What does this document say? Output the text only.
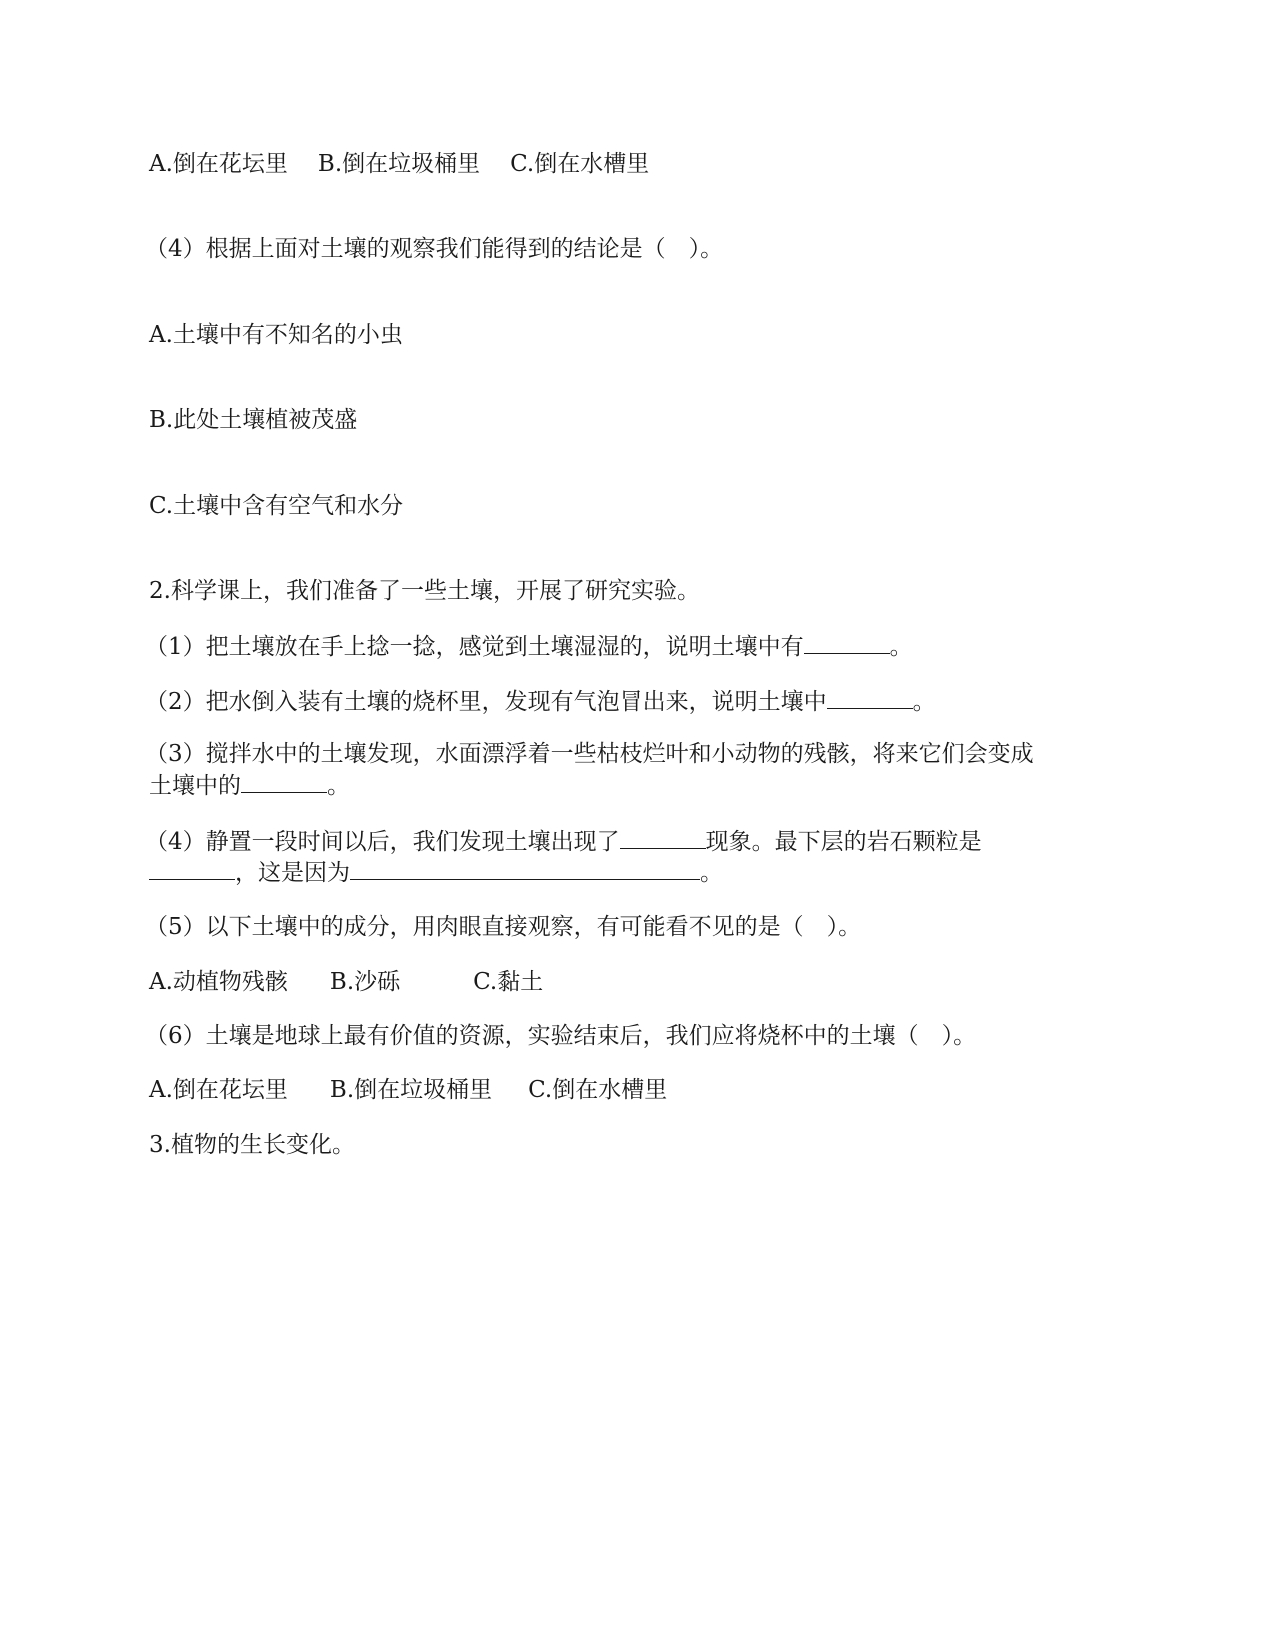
A.倒在花坛里 B.倒在垃圾桶里 C.倒在水槽里
（4）根据上面对土壤的观察我们能得到的结论是（　）。
A.土壤中有不知名的小虫
B.此处土壤植被茂盛
C.土壤中含有空气和水分
2.科学课上，我们准备了一些土壤，开展了研究实验。
（1）把土壤放在手上捻一捻，感觉到土壤湿湿的，说明土壤中有	。
（2）把水倒入装有土壤的烧杯里，发现有气泡冒出来，说明土壤中	。
（3）搅拌水中的土壤发现，水面漂浮着一些枯枝烂叶和小动物的残骸，将来它们会变成
土壤中的	。
（4）静置一段时间以后，我们发现土壤出现了	现象。最下层的岩石颗粒是
，这是因为	。
（5）以下土壤中的成分，用肉眼直接观察，有可能看不见的是（　）。
A.动植物残骸 B.沙砾	C.黏土
（6）土壤是地球上最有价值的资源，实验结束后，我们应将烧杯中的土壤（　）。
A.倒在花坛里 B.倒在垃圾桶里 C.倒在水槽里
3.植物的生长变化。
